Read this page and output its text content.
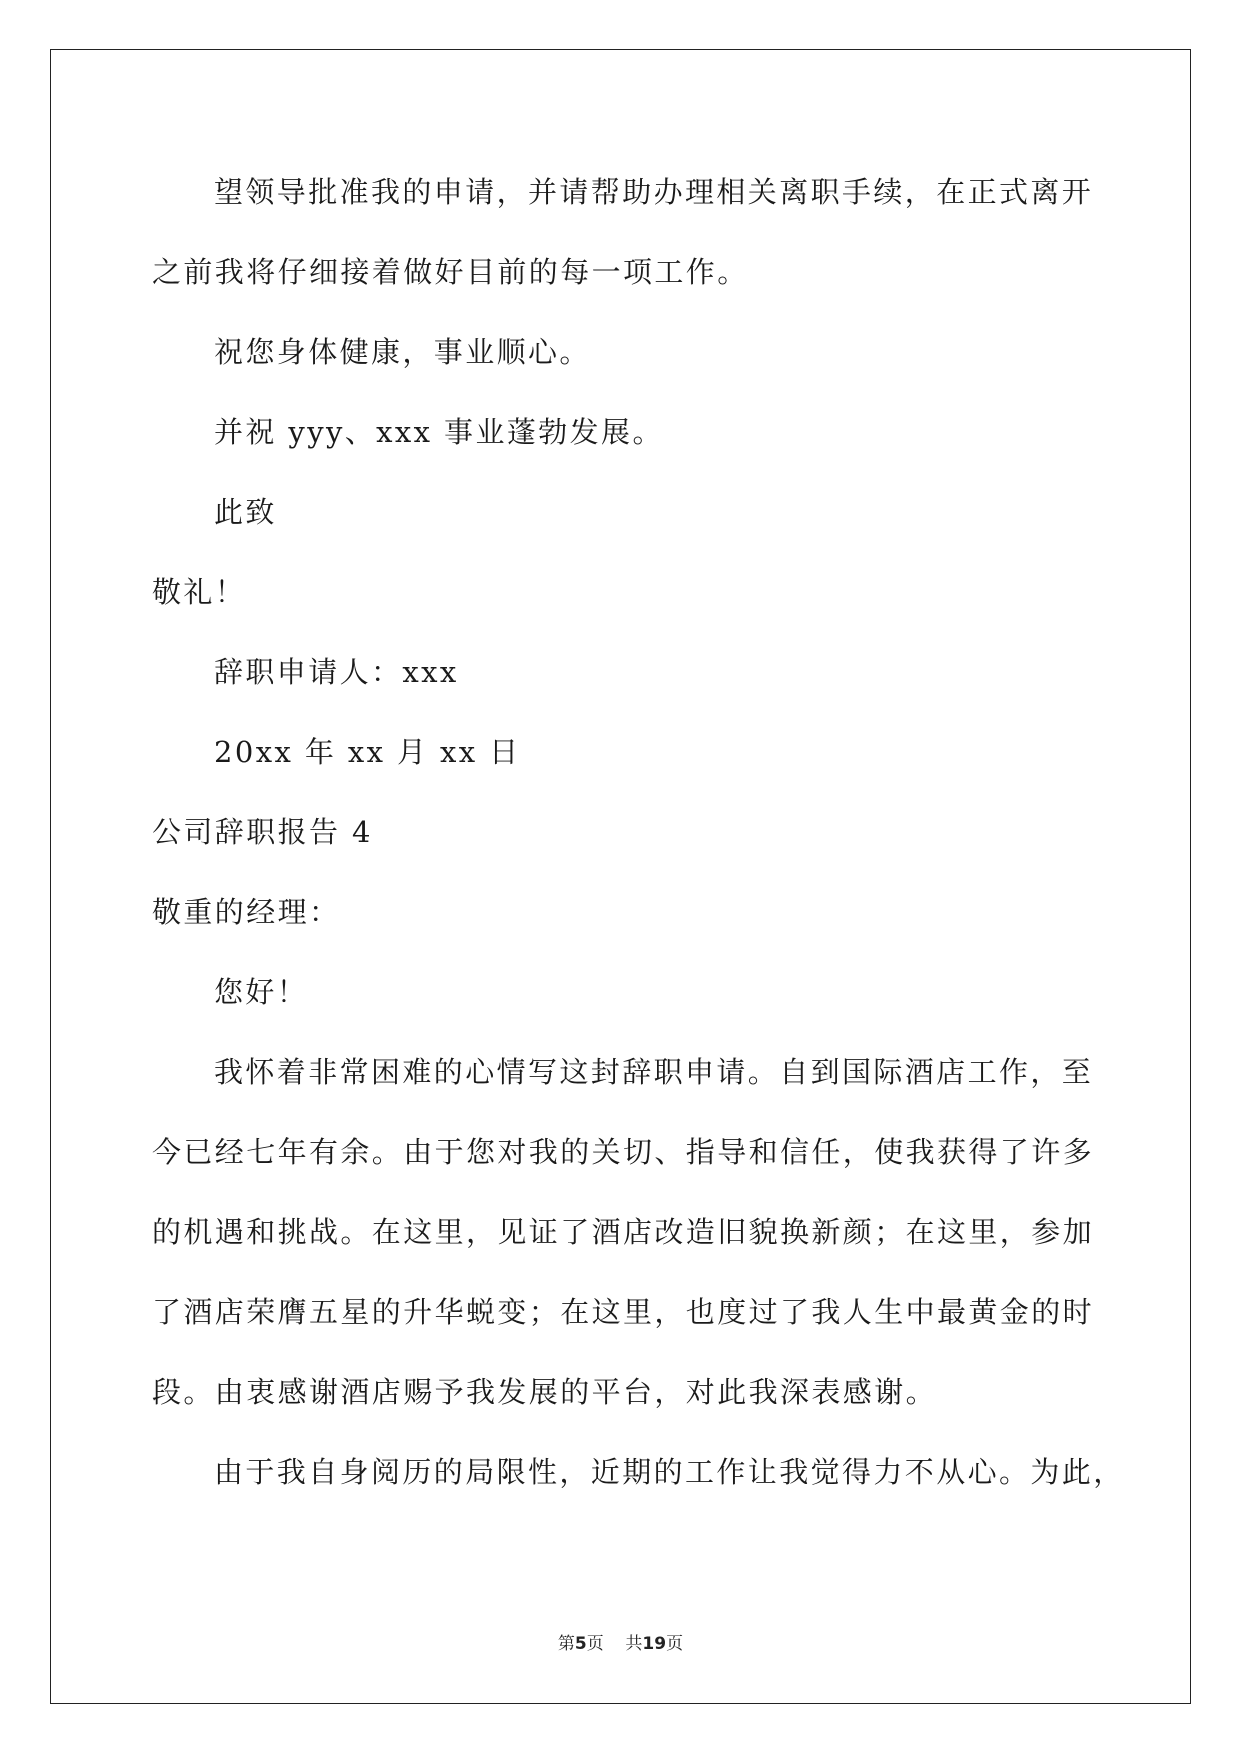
望领导批准我的申请，并请帮助办理相关离职手续，在正式离开

之前我将仔细接着做好目前的每一项工作。

祝您身体健康，事业顺心。

并祝 yyy、xxx 事业蓬勃发展。

此致

敬礼！

辞职申请人：xxx

20xx 年 xx 月 xx 日

公司辞职报告 4

敬重的经理：

您好！

我怀着非常困难的心情写这封辞职申请。自到国际酒店工作，至

今已经七年有余。由于您对我的关切、指导和信任，使我获得了许多

的机遇和挑战。在这里，见证了酒店改造旧貌换新颜；在这里，参加

了酒店荣膺五星的升华蜕变；在这里，也度过了我人生中最黄金的时

段。由衷感谢酒店赐予我发展的平台，对此我深表感谢。

由于我自身阅历的局限性，近期的工作让我觉得力不从心。为此，

第5页 共19页
